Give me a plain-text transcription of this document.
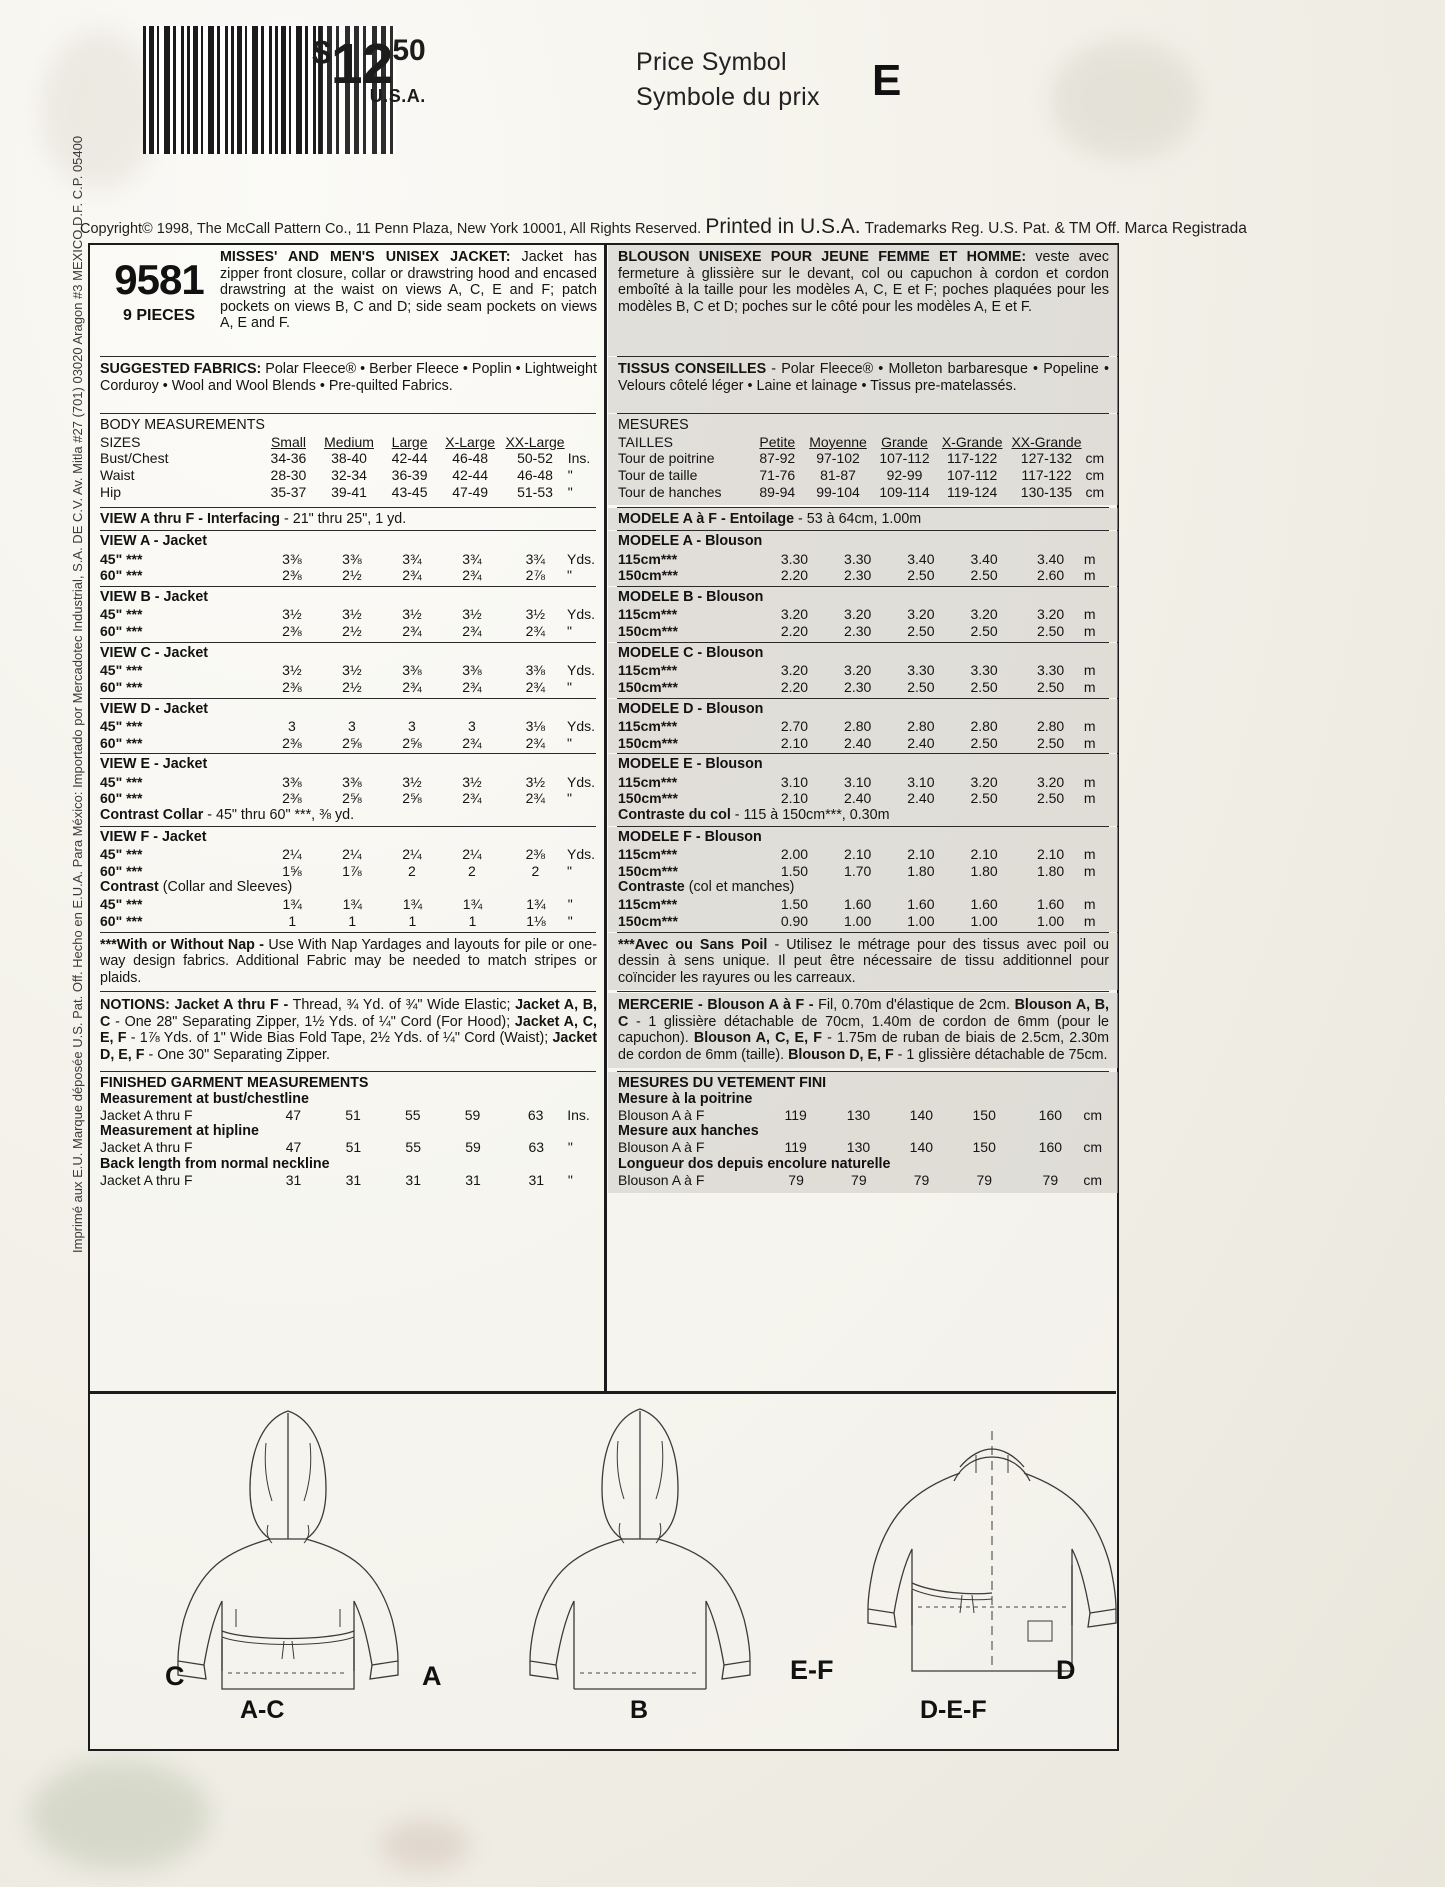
$1250
U.S.A.
Price Symbol
Symbole du prix E
Copyright© 1998, The McCall Pattern Co., 11 Penn Plaza, New York 10001, All Rights Reserved. Printed in U.S.A. Trademarks Reg. U.S. Pat. & TM Off. Marca Registrada
Imprimé aux E.U. Marque déposée U.S. Pat. Off. Hecho en E.U.A. Para México: Importado por Mercadotec Industrial, S.A. DE C.V. Av. Mitla #27 (701) 03020 Aragon #3 MEXICO D.F. C.P. 05400 9581
9 PIECES
MISSES' AND MEN'S UNISEX JACKET: Jacket has zipper front closure, collar or drawstring hood and encased drawstring at the waist on views A, C, E and F; patch pockets on views B, C and D; side seam pockets on views A, E and F.
SUGGESTED FABRICS: Polar Fleece® • Berber Fleece • Poplin • Lightweight Corduroy • Wool and Wool Blends • Pre-quilted Fabrics.
BODY MEASUREMENTS
SIZES	Small	Medium	Large	X-Large	XX-Large	
Bust/Chest	34-36	38-40	42-44	46-48	50-52	Ins.
Waist	28-30	32-34	36-39	42-44	46-48	"
Hip	35-37	39-41	43-45	47-49	51-53	"
VIEW A thru F - Interfacing - 21" thru 25", 1 yd.
VIEW A - Jacket
45" ***	3⅜	3⅜	3¾	3¾	3¾	Yds.
60" ***	2⅜	2½	2¾	2¾	2⅞	"
VIEW B - Jacket
45" ***	3½	3½	3½	3½	3½	Yds.
60" ***	2⅜	2½	2¾	2¾	2¾	"
VIEW C - Jacket
45" ***	3½	3½	3⅜	3⅜	3⅜	Yds.
60" ***	2⅜	2½	2¾	2¾	2¾	"
VIEW D - Jacket
45" ***	3	3	3	3	3⅛	Yds.
60" ***	2⅜	2⅝	2⅝	2¾	2¾	"
VIEW E - Jacket
45" ***	3⅜	3⅜	3½	3½	3½	Yds.
60" ***	2⅜	2⅝	2⅝	2¾	2¾	"
Contrast Collar - 45" thru 60" ***, ⅜ yd.
VIEW F - Jacket
45" ***	2¼	2¼	2¼	2¼	2⅜	Yds.
60" ***	1⅝	1⅞	2	2	2	"
Contrast (Collar and Sleeves)
45" ***	1¾	1¾	1¾	1¾	1¾	"
60" ***	1	1	1	1	1⅛	"
***With or Without Nap - Use With Nap Yardages and layouts for pile or one-way design fabrics. Additional Fabric may be needed to match stripes or plaids.
NOTIONS: Jacket A thru F - Thread, ¾ Yd. of ¾" Wide Elastic; Jacket A, B, C - One 28" Separating Zipper, 1½ Yds. of ¼" Cord (For Hood); Jacket A, C, E, F - 1⅞ Yds. of 1" Wide Bias Fold Tape, 2½ Yds. of ¼" Cord (Waist); Jacket D, E, F - One 30" Separating Zipper.
FINISHED GARMENT MEASUREMENTS
Measurement at bust/chestline
Jacket A thru F	47	51	55	59	63	Ins.
Measurement at hipline
Jacket A thru F	47	51	55	59	63	"
Back length from normal neckline
Jacket A thru F	31	31	31	31	31	"
BLOUSON UNISEXE POUR JEUNE FEMME ET HOMME: veste avec fermeture à glissière sur le devant, col ou capuchon à cordon et cordon emboîté à la taille pour les modèles A, C, E et F; poches plaquées pour les modèles B, C et D; poches sur le côté pour les modèles A, E et F.
TISSUS CONSEILLES - Polar Fleece® • Molleton barbaresque • Popeline • Velours côtelé léger • Laine et lainage • Tissus pre-matelassés.
MESURES
TAILLES	Petite	Moyenne	Grande	X-Grande	XX-Grande	
Tour de poitrine	87-92	97-102	107-112	117-122	127-132	cm
Tour de taille	71-76	81-87	92-99	107-112	117-122	cm
Tour de hanches	89-94	99-104	109-114	119-124	130-135	cm
MODELE A à F - Entoilage - 53 à 64cm, 1.00m
MODELE A - Blouson
115cm***	3.30	3.30	3.40	3.40	3.40	m
150cm***	2.20	2.30	2.50	2.50	2.60	m
MODELE B - Blouson
115cm***	3.20	3.20	3.20	3.20	3.20	m
150cm***	2.20	2.30	2.50	2.50	2.50	m
MODELE C - Blouson
115cm***	3.20	3.20	3.30	3.30	3.30	m
150cm***	2.20	2.30	2.50	2.50	2.50	m
MODELE D - Blouson
115cm***	2.70	2.80	2.80	2.80	2.80	m
150cm***	2.10	2.40	2.40	2.50	2.50	m
MODELE E - Blouson
115cm***	3.10	3.10	3.10	3.20	3.20	m
150cm***	2.10	2.40	2.40	2.50	2.50	m
Contraste du col - 115 à 150cm***, 0.30m
MODELE F - Blouson
115cm***	2.00	2.10	2.10	2.10	2.10	m
150cm***	1.50	1.70	1.80	1.80	1.80	m
Contraste (col et manches)
115cm***	1.50	1.60	1.60	1.60	1.60	m
150cm***	0.90	1.00	1.00	1.00	1.00	m
***Avec ou Sans Poil - Utilisez le métrage pour des tissus avec poil ou dessin à sens unique. Il peut être nécessaire de tissu additionnel pour coïncider les rayures ou les carreaux.
MERCERIE - Blouson A à F - Fil, 0.70m d'élastique de 2cm. Blouson A, B, C - 1 glissière détachable de 70cm, 1.40m de cordon de 6mm (pour le capuchon). Blouson A, C, E, F - 1.75m de ruban de biais de 2.5cm, 2.30m de cordon de 6mm (taille). Blouson D, E, F - 1 glissière détachable de 75cm.
MESURES DU VETEMENT FINI
Mesure à la poitrine
Blouson A à F	119	130	140	150	160	cm
Mesure aux hanches
Blouson A à F	119	130	140	150	160	cm
Longueur dos depuis encolure naturelle
Blouson A à F	79	79	79	79	79	cm
C	A
A-C	B
E-F	D
D-E-F
